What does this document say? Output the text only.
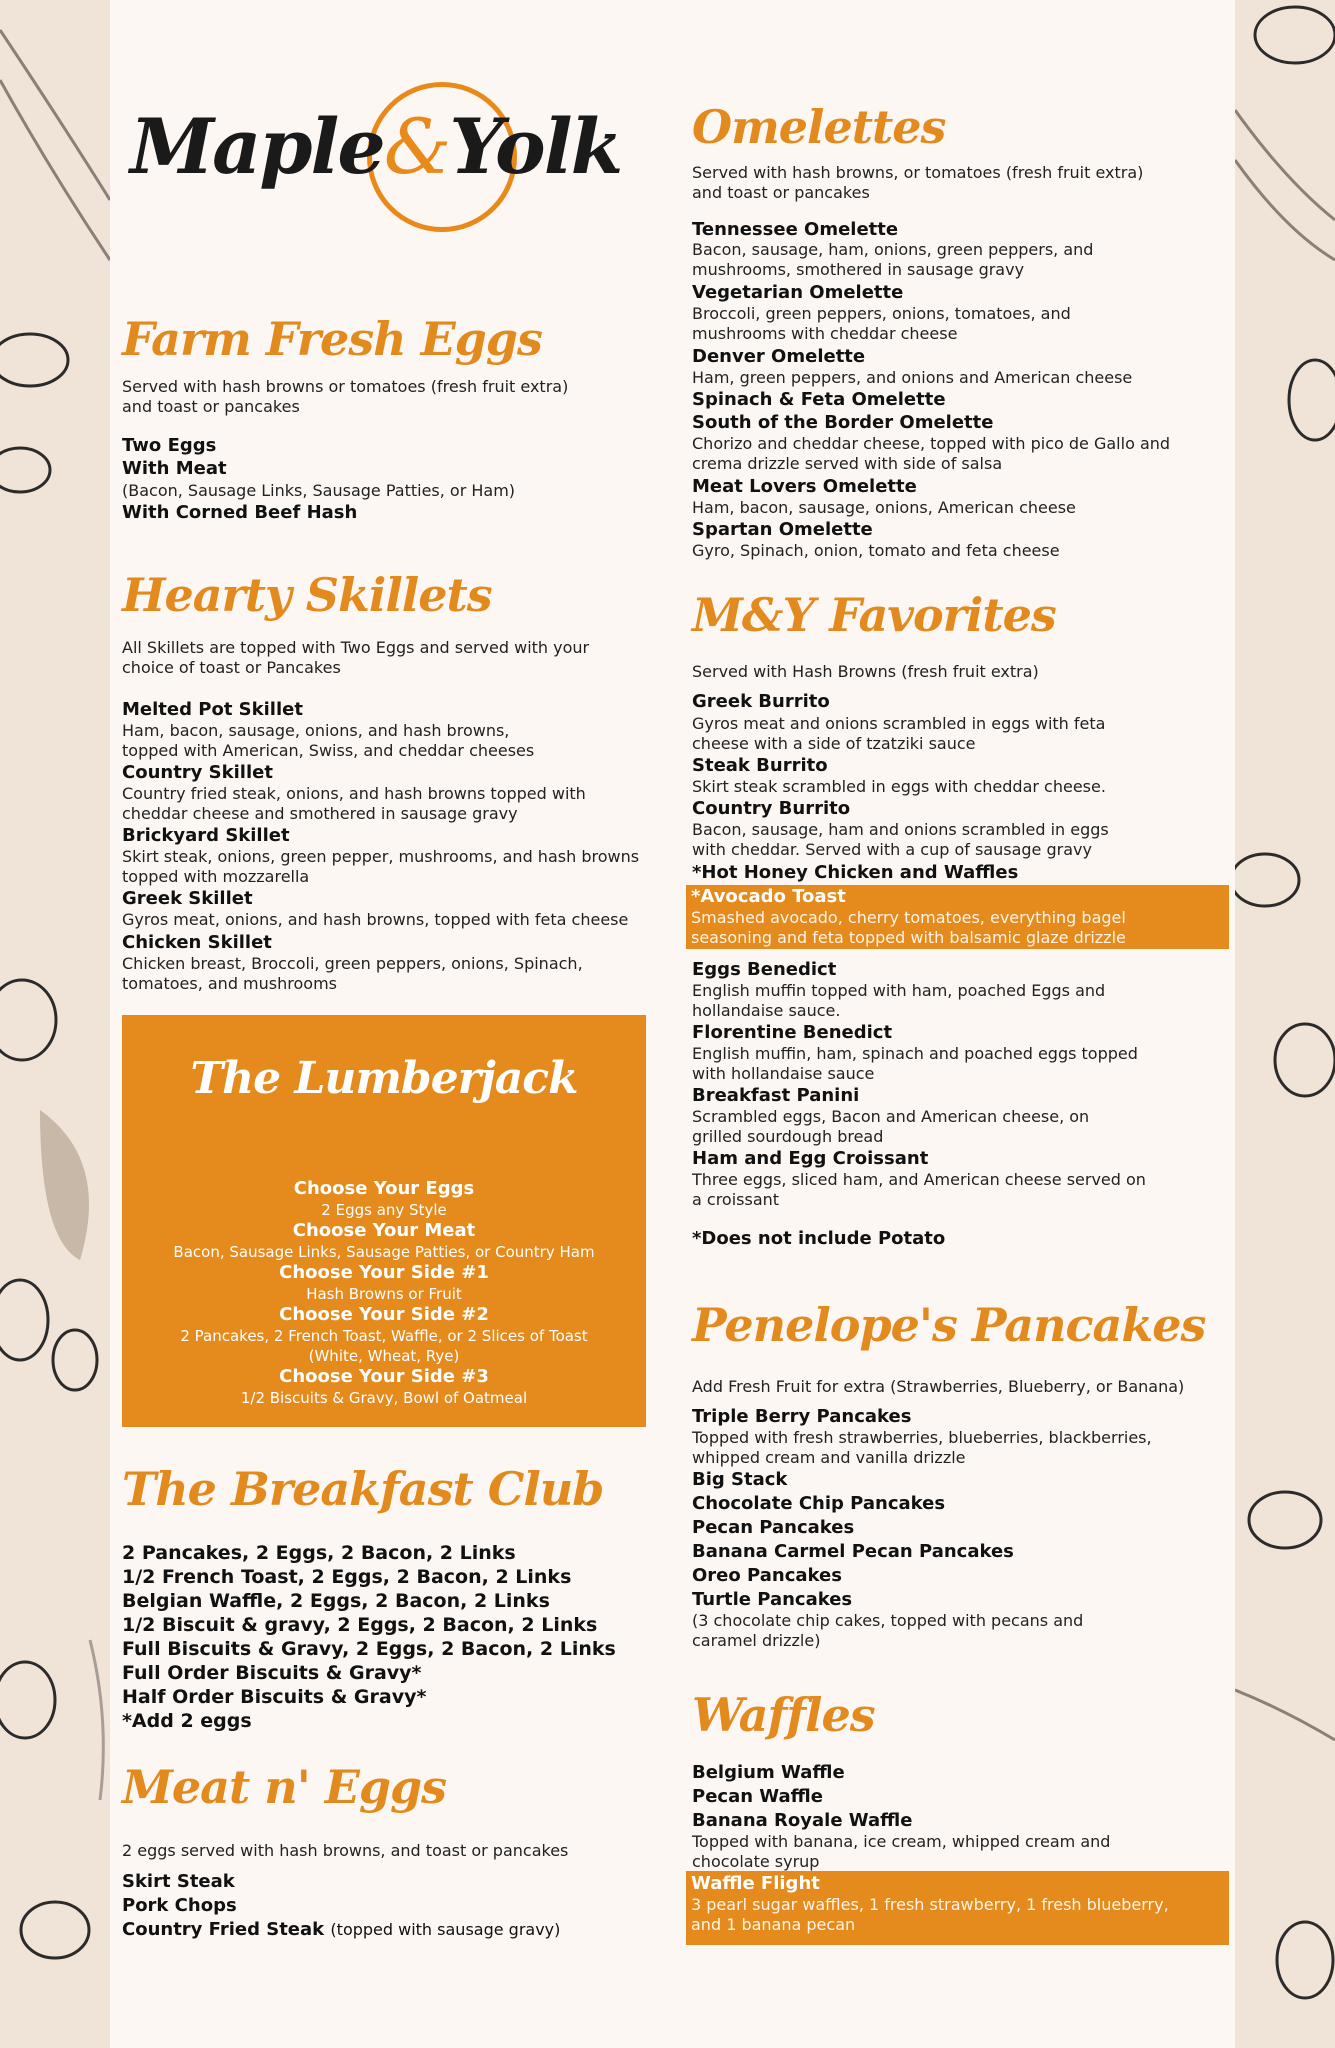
Maple&Yolk
Farm Fresh Eggs
Served with hash browns or tomatoes (fresh fruit extra) and toast or pancakes
Two Eggs
With Meat
(Bacon, Sausage Links, Sausage Patties, or Ham)
With Corned Beef Hash
Hearty Skillets
All Skillets are topped with Two Eggs and served with your choice of toast or Pancakes
Melted Pot Skillet
Ham, bacon, sausage, onions, and hash browns, topped with American, Swiss, and cheddar cheeses
Country Skillet
Country fried steak, onions, and hash browns topped with cheddar cheese and smothered in sausage gravy
Brickyard Skillet
Skirt steak, onions, green pepper, mushrooms, and hash browns topped with mozzarella
Greek Skillet
Gyros meat, onions, and hash browns, topped with feta cheese
Chicken Skillet
Chicken breast, Broccoli, green peppers, onions, Spinach, tomatoes, and mushrooms
The Breakfast Club
2 Pancakes, 2 Eggs, 2 Bacon, 2 Links
1/2 French Toast, 2 Eggs, 2 Bacon, 2 Links
Belgian Waffle, 2 Eggs, 2 Bacon, 2 Links
1/2 Biscuit & gravy, 2 Eggs, 2 Bacon, 2 Links
Full Biscuits & Gravy, 2 Eggs, 2 Bacon, 2 Links
Full Order Biscuits & Gravy*
Half Order Biscuits & Gravy*
*Add 2 eggs
Meat n' Eggs
2 eggs served with hash browns, and toast or pancakes
Skirt Steak
Pork Chops
Country Fried Steak (topped with sausage gravy)
The Lumberjack
Choose Your Eggs
2 Eggs any Style
Choose Your Meat
Bacon, Sausage Links, Sausage Patties, or Country Ham
Choose Your Side #1
Hash Browns or Fruit
Choose Your Side #2
2 Pancakes, 2 French Toast, Waffle, or 2 Slices of Toast (White, Wheat, Rye)
Choose Your Side #3
1/2 Biscuits & Gravy, Bowl of Oatmeal
Omelettes
Served with hash browns, or tomatoes (fresh fruit extra) and toast or pancakes
Tennessee Omelette
Bacon, sausage, ham, onions, green peppers, and mushrooms, smothered in sausage gravy
Vegetarian Omelette
Broccoli, green peppers, onions, tomatoes, and mushrooms with cheddar cheese
Denver Omelette
Ham, green peppers, and onions and American cheese
Spinach & Feta Omelette
South of the Border Omelette
Chorizo and cheddar cheese, topped with pico de Gallo and crema drizzle served with side of salsa
Meat Lovers Omelette
Ham, bacon, sausage, onions, American cheese
Spartan Omelette
Gyro, Spinach, onion, tomato and feta cheese
M&Y Favorites
Served with Hash Browns (fresh fruit extra)
Greek Burrito
Gyros meat and onions scrambled in eggs with feta cheese with a side of tzatziki sauce
Steak Burrito
Skirt steak scrambled in eggs with cheddar cheese.
Country Burrito
Bacon, sausage, ham and onions scrambled in eggs with cheddar. Served with a cup of sausage gravy
*Hot Honey Chicken and Waffles
Eggs Benedict
English muffin topped with ham, poached Eggs and hollandaise sauce.
Florentine Benedict
English muffin, ham, spinach and poached eggs topped with hollandaise sauce
Breakfast Panini
Scrambled eggs, Bacon and American cheese, on grilled sourdough bread
Ham and Egg Croissant
Three eggs, sliced ham, and American cheese served on a croissant
*Does not include Potato
Penelope's Pancakes
Add Fresh Fruit for extra (Strawberries, Blueberry, or Banana)
Triple Berry Pancakes
Topped with fresh strawberries, blueberries, blackberries, whipped cream and vanilla drizzle
Big Stack
Chocolate Chip Pancakes
Pecan Pancakes
Banana Carmel Pecan Pancakes
Oreo Pancakes
Turtle Pancakes
(3 chocolate chip cakes, topped with pecans and caramel drizzle)
Waffles
Belgium Waffle
Pecan Waffle
Banana Royale Waffle
Topped with banana, ice cream, whipped cream and chocolate syrup
*Avocado Toast
Smashed avocado, cherry tomatoes, everything bagel seasoning and feta topped with balsamic glaze drizzle
Waffle Flight
3 pearl sugar waffles, 1 fresh strawberry, 1 fresh blueberry, and 1 banana pecan
